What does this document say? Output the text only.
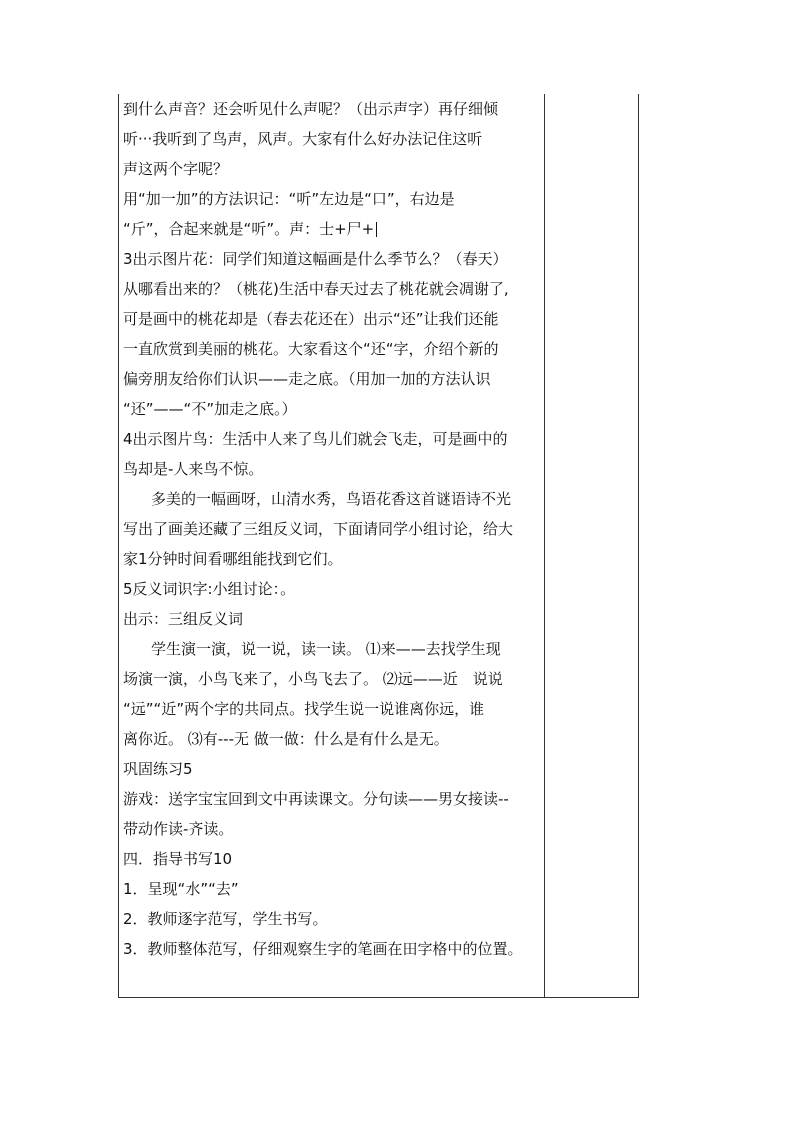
到什么声音？还会听见什么声呢？（出示声字）再仔细倾
听···我听到了鸟声，风声。大家有什么好办法记住这听
声这两个字呢？
用“加一加”的方法识记：“听”左边是“口”，右边是
“斤”，合起来就是“听”。声：士+尸+
3出示图片花：同学们知道这幅画是什么季节么？（春天）
从哪看出来的？（桃花)生活中春天过去了桃花就会凋谢了,
可是画中的桃花却是（春去花还在）出示“还”让我们还能
一直欣赏到美丽的桃花。大家看这个“还“字，介绍个新的
偏旁朋友给你们认识——走之底。（用加一加的方法认识
“还”——“不”加走之底。）
4出示图片鸟：生活中人来了鸟儿们就会飞走，可是画中的
鸟却是-人来鸟不惊。
多美的一幅画呀，山清水秀，鸟语花香这首谜语诗不光
写出了画美还藏了三组反义词，下面请同学小组讨论，给大
家1分钟时间看哪组能找到它们。
5反义词识字:小组讨论：。
出示：三组反义词
学生演一演，说一说，读一读。 ⑴来——去找学生现
场演一演，小鸟飞来了，小鸟飞去了。 ⑵远——近　说说
“远”“近”两个字的共同点。找学生说一说谁离你远，谁
离你近。 ⑶有---无 做一做：什么是有什么是无。
巩固练习5
游戏：送字宝宝回到文中再读课文。分句读——男女接读--
带动作读-齐读。
四．指导书写10
1．呈现“水”“去”
2．教师逐字范写，学生书写。
3．教师整体范写，仔细观察生字的笔画在田字格中的位置。
